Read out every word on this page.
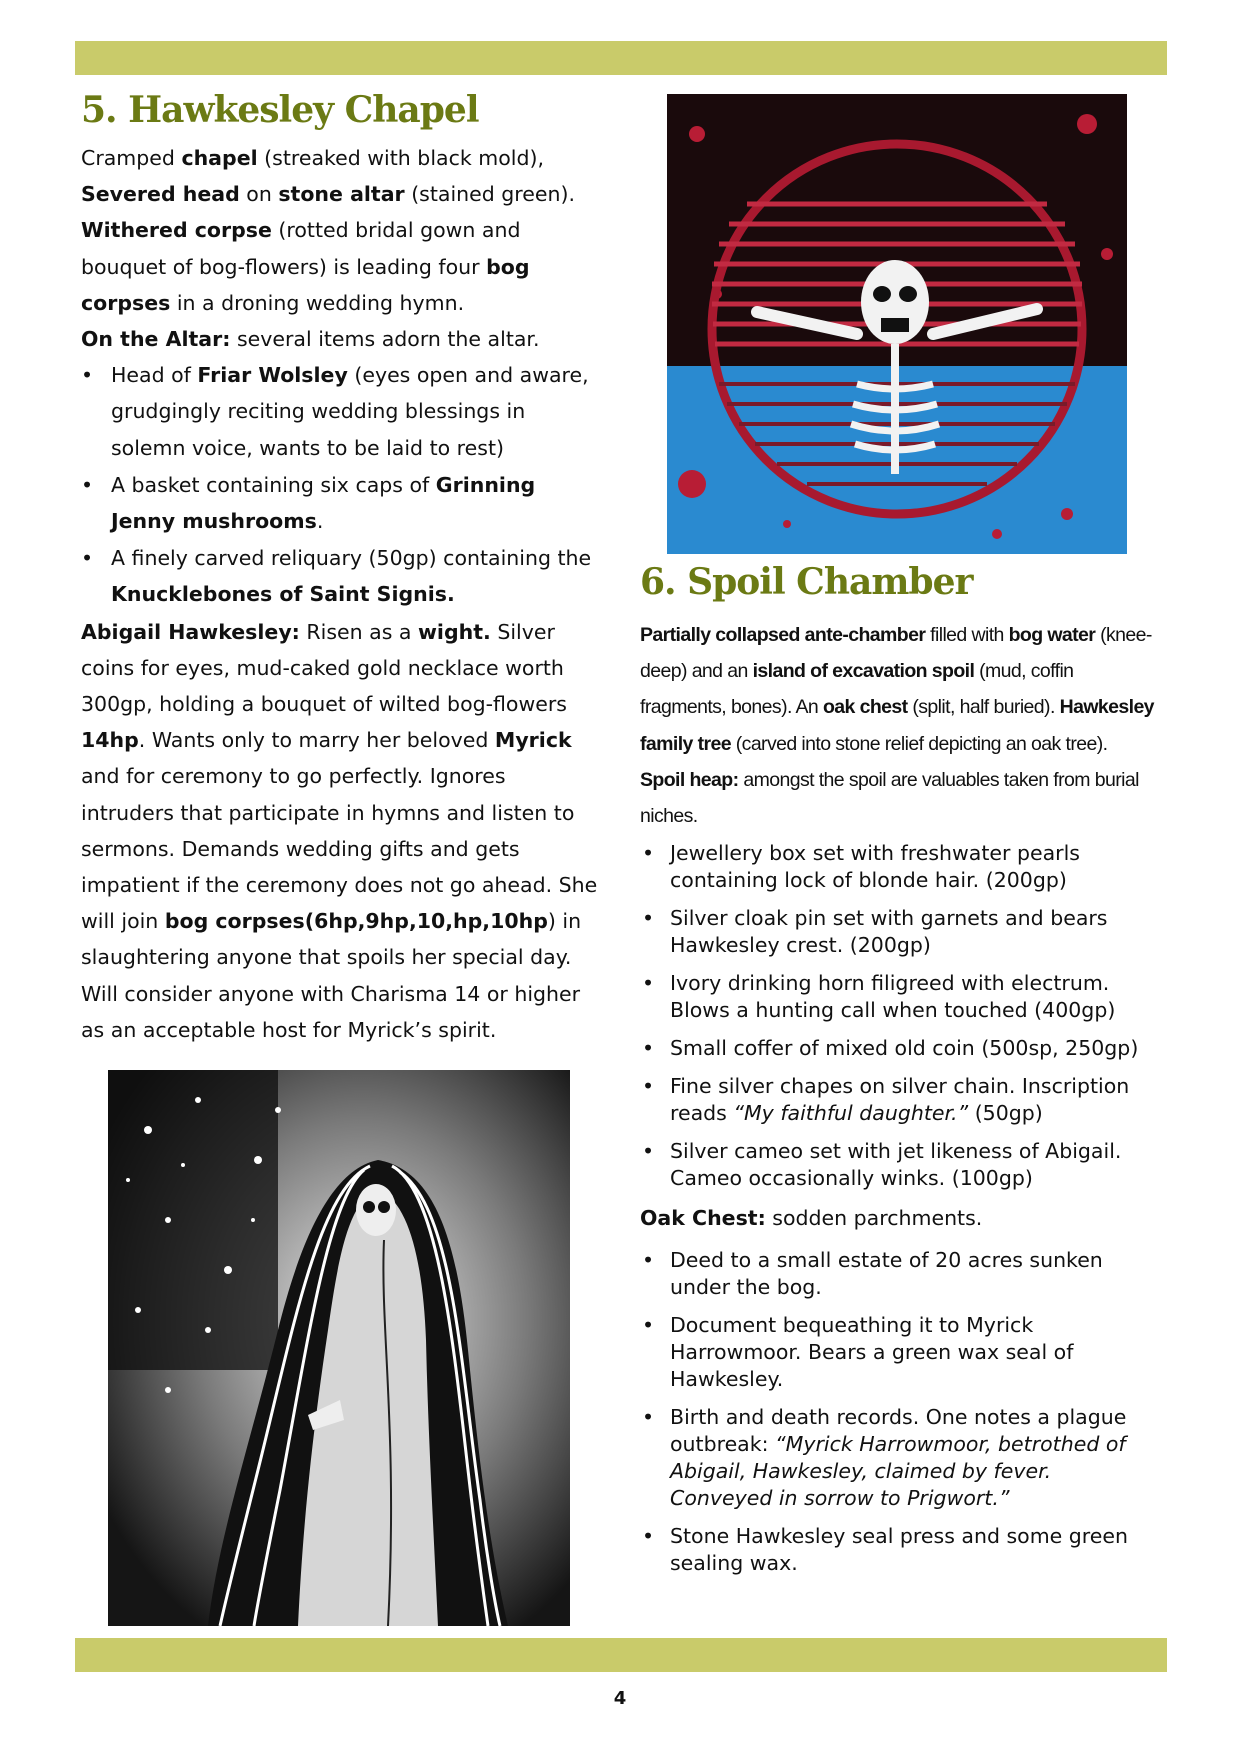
5. Hawkesley Chapel

Cramped chapel (streaked with black mold), Severed head on stone altar (stained green). Withered corpse (rotted bridal gown and bouquet of bog-flowers) is leading four bog corpses in a droning wedding hymn.

On the Altar: several items adorn the altar.

• Head of Friar Wolsley (eyes open and aware, grudgingly reciting wedding blessings in solemn voice, wants to be laid to rest)
• A basket containing six caps of Grinning Jenny mushrooms.
• A finely carved reliquary (50gp) containing the Knucklebones of Saint Signis.

Abigail Hawkesley: Risen as a wight. Silver coins for eyes, mud-caked gold necklace worth 300gp, holding a bouquet of wilted bog-flowers 14hp. Wants only to marry her beloved Myrick and for ceremony to go perfectly. Ignores intruders that participate in hymns and listen to sermons. Demands wedding gifts and gets impatient if the ceremony does not go ahead. She will join bog corpses(6hp,9hp,10,hp,10hp) in slaughtering anyone that spoils her special day. Will consider anyone with Charisma 14 or higher as an acceptable host for Myrick’s spirit.

6. Spoil Chamber

Partially collapsed ante-chamber filled with bog water (knee-deep) and an island of excavation spoil (mud, coffin fragments, bones). An oak chest (split, half buried). Hawkesley family tree (carved into stone relief depicting an oak tree).

Spoil heap: amongst the spoil are valuables taken from burial niches.

• Jewellery box set with freshwater pearls containing lock of blonde hair. (200gp)
• Silver cloak pin set with garnets and bears Hawkesley crest. (200gp)
• Ivory drinking horn filigreed with electrum. Blows a hunting call when touched (400gp)
• Small coffer of mixed old coin (500sp, 250gp)
• Fine silver chapes on silver chain. Inscription reads “My faithful daughter.” (50gp)
• Silver cameo set with jet likeness of Abigail. Cameo occasionally winks. (100gp)
Oak Chest: sodden parchments.
• Deed to a small estate of 20 acres sunken under the bog.
• Document bequeathing it to Myrick Harrowmoor. Bears a green wax seal of Hawkesley.
• Birth and death records. One notes a plague outbreak: “Myrick Harrowmoor, betrothed of Abigail, Hawkesley, claimed by fever. Conveyed in sorrow to Prigwort.”
• Stone Hawkesley seal press and some green sealing wax.
4
